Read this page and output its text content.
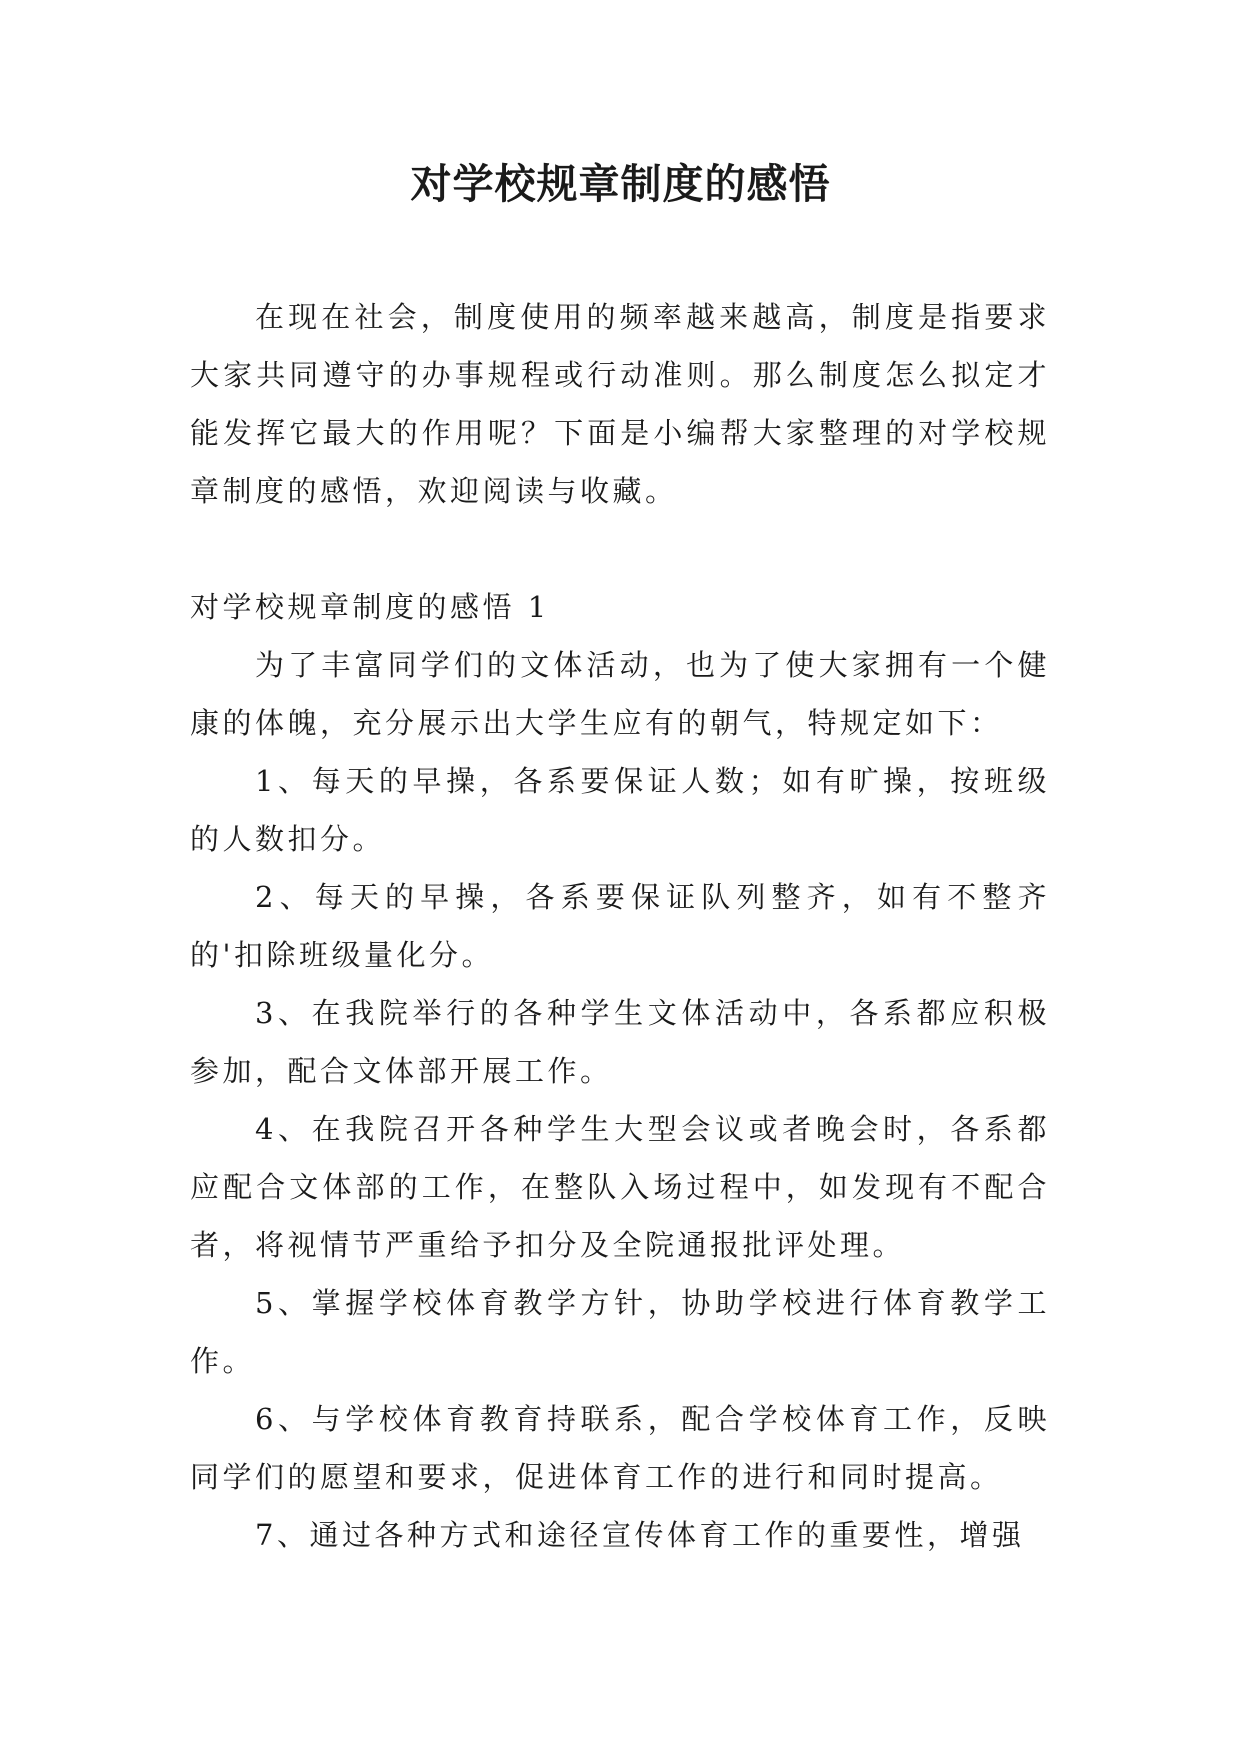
对学校规章制度的感悟

在现在社会，制度使用的频率越来越高，制度是指要求大家共同遵守的办事规程或行动准则。那么制度怎么拟定才能发挥它最大的作用呢？下面是小编帮大家整理的对学校规章制度的感悟，欢迎阅读与收藏。

对学校规章制度的感悟 1

为了丰富同学们的文体活动，也为了使大家拥有一个健康的体魄，充分展示出大学生应有的朝气，特规定如下：

1、每天的早操，各系要保证人数；如有旷操，按班级的人数扣分。

2、每天的早操，各系要保证队列整齐，如有不整齐的'扣除班级量化分。

3、在我院举行的各种学生文体活动中，各系都应积极参加，配合文体部开展工作。

4、在我院召开各种学生大型会议或者晚会时，各系都应配合文体部的工作，在整队入场过程中，如发现有不配合者，将视情节严重给予扣分及全院通报批评处理。

5、掌握学校体育教学方针，协助学校进行体育教学工作。

6、与学校体育教育持联系，配合学校体育工作，反映同学们的愿望和要求，促进体育工作的进行和同时提高。

7、通过各种方式和途径宣传体育工作的重要性，增强
